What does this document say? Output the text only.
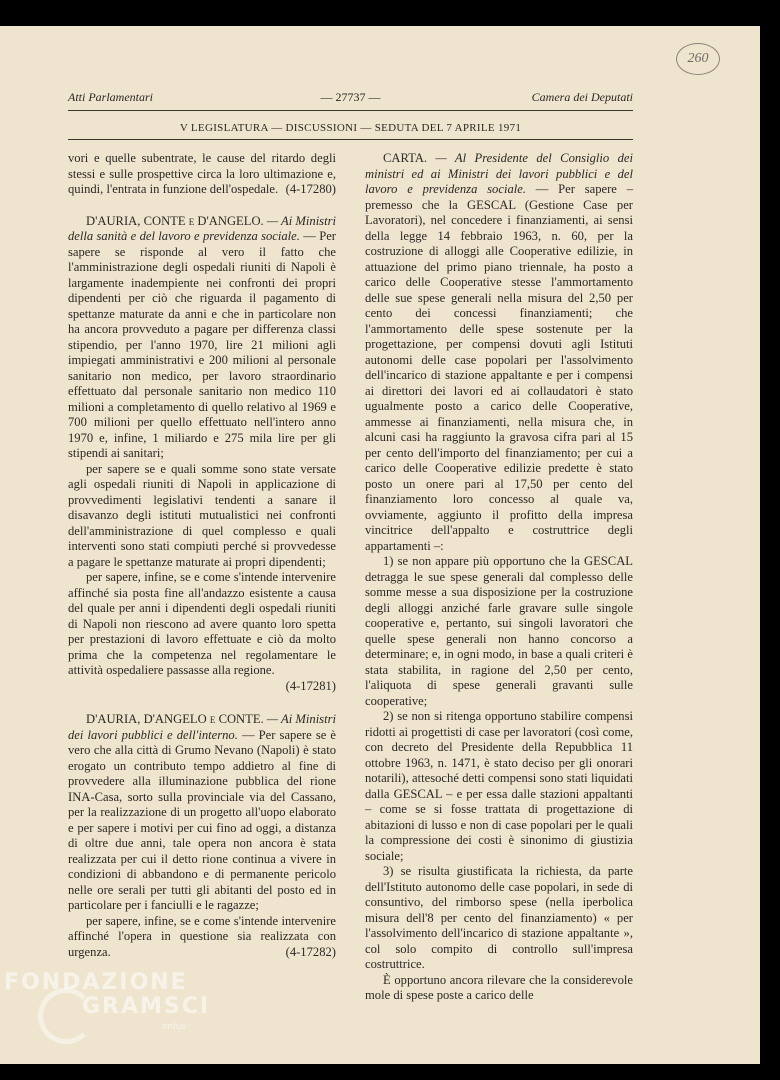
260
Atti Parlamentari	— 27737 —	Camera dei Deputati
V LEGISLATURA — DISCUSSIONI — SEDUTA DEL 7 APRILE 1971

vori e quelle subentrate, le cause del ritardo degli stessi e sulle prospettive circa la loro ultimazione e, quindi, l'entrata in funzione dell'ospedale. (4-17280)

D'AURIA, CONTE e D'ANGELO. — Ai Ministri della sanità e del lavoro e previdenza sociale. — Per sapere se risponde al vero il fatto che l'amministrazione degli ospedali riuniti di Napoli è largamente inadempiente nei confronti dei propri dipendenti per ciò che riguarda il pagamento di spettanze maturate da anni e che in particolare non ha ancora provveduto a pagare per differenza classi stipendio, per l'anno 1970, lire 21 milioni agli impiegati amministrativi e 200 milioni al personale sanitario non medico, per lavoro straordinario effettuato dal personale sanitario non medico 110 milioni a completamento di quello relativo al 1969 e 700 milioni per quello effettuato nell'intero anno 1970 e, infine, 1 miliardo e 275 mila lire per gli stipendi ai sanitari;

per sapere se e quali somme sono state versate agli ospedali riuniti di Napoli in applicazione di provvedimenti legislativi tendenti a sanare il disavanzo degli istituti mutualistici nei confronti dell'amministrazione di quel complesso e quali interventi sono stati compiuti perché si provvedesse a pagare le spettanze maturate ai propri dipendenti;

per sapere, infine, se e come s'intende intervenire affinché sia posta fine all'andazzo esistente a causa del quale per anni i dipendenti degli ospedali riuniti di Napoli non riescono ad avere quanto loro spetta per prestazioni di lavoro effettuate e ciò da molto prima che la competenza nel regolamentare le attività ospedaliere passasse alla regione.
(4-17281)

D'AURIA, D'ANGELO e CONTE. — Ai Ministri dei lavori pubblici e dell'interno. — Per sapere se è vero che alla città di Grumo Nevano (Napoli) è stato erogato un contributo tempo addietro al fine di provvedere alla illuminazione pubblica del rione INA-Casa, sorto sulla provinciale via del Cassano, per la realizzazione di un progetto all'uopo elaborato e per sapere i motivi per cui fino ad oggi, a distanza di oltre due anni, tale opera non ancora è stata realizzata per cui il detto rione continua a vivere in condizioni di abbandono e di permanente pericolo nelle ore serali per tutti gli abitanti del posto ed in particolare per i fanciulli e le ragazze;

per sapere, infine, se e come s'intende intervenire affinché l'opera in questione sia realizzata con urgenza.	(4-17282)

CARTA. — Al Presidente del Consiglio dei ministri ed ai Ministri dei lavori pubblici e del lavoro e previdenza sociale. — Per sapere – premesso che la GESCAL (Gestione Case per Lavoratori), nel concedere i finanziamenti, ai sensi della legge 14 febbraio 1963, n. 60, per la costruzione di alloggi alle Cooperative edilizie, in attuazione del primo piano triennale, ha posto a carico delle Cooperative stesse l'ammortamento delle sue spese generali nella misura del 2,50 per cento dei concessi finanziamenti; che l'ammortamento delle spese sostenute per la progettazione, per compensi dovuti agli Istituti autonomi delle case popolari per l'assolvimento dell'incarico di stazione appaltante e per i compensi ai direttori dei lavori ed ai collaudatori è stato ugualmente posto a carico delle Cooperative, ammesse ai finanziamenti, nella misura che, in alcuni casi ha raggiunto la gravosa cifra pari al 15 per cento dell'importo del finanziamento; per cui a carico delle Cooperative edilizie predette è stato posto un onere pari al 17,50 per cento del finanziamento loro concesso al quale va, ovviamente, aggiunto il profitto della impresa vincitrice dell'appalto e costruttrice degli appartamenti –:

1) se non appare più opportuno che la GESCAL detragga le sue spese generali dal complesso delle somme messe a sua disposizione per la costruzione degli alloggi anziché farle gravare sulle singole cooperative e, pertanto, sui singoli lavoratori che quelle spese generali non hanno concorso a determinare; e, in ogni modo, in base a quali criteri è stata stabilita, in ragione del 2,50 per cento, l'aliquota di spese generali gravanti sulle cooperative;

2) se non si ritenga opportuno stabilire compensi ridotti ai progettisti di case per lavoratori (così come, con decreto del Presidente della Repubblica 11 ottobre 1963, n. 1471, è stato deciso per gli onorari notarili), attesoché detti compensi sono stati liquidati dalla GESCAL – e per essa dalle stazioni appaltanti – come se si fosse trattata di progettazione di abitazioni di lusso e non di case popolari per le quali la compressione dei costi è sinonimo di giustizia sociale;

3) se risulta giustificata la richiesta, da parte dell'Istituto autonomo delle case popolari, in sede di consuntivo, del rimborso spese (nella iperbolica misura dell'8 per cento del finanziamento) « per l'assolvimento dell'incarico di stazione appaltante », col solo compito di controllo sull'impresa costruttrice.

È opportuno ancora rilevare che la considerevole mole di spese poste a carico delle

FONDAZIONE
GRAMSCI
onlus
